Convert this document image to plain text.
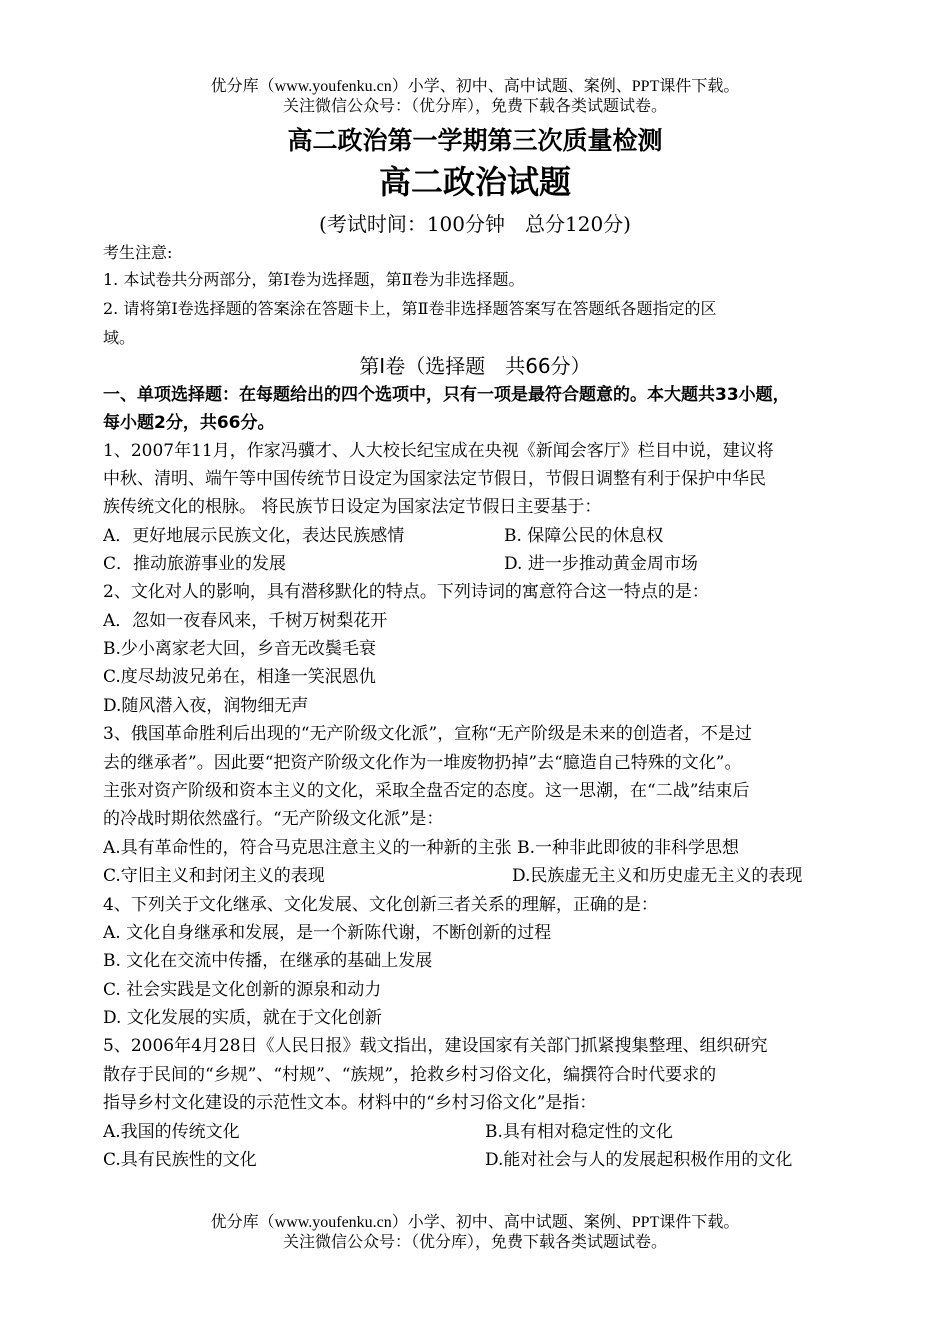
优分库（www.youfenku.cn）小学、初中、高中试题、案例、PPT课件下载。
关注微信公众号：（优分库），免费下载各类试题试卷。
高二政治第一学期第三次质量检测
高二政治试题
(考试时间：100分钟　总分120分)
考生注意:
1. 本试卷共分两部分，第Ⅰ卷为选择题，第Ⅱ卷为非选择题。
2. 请将第Ⅰ卷选择题的答案涂在答题卡上，第Ⅱ卷非选择题答案写在答题纸各题指定的区
域。
第Ⅰ卷（选择题　共66分）
一、单项选择题：在每题给出的四个选项中，只有一项是最符合题意的。本大题共33小题，
每小题2分，共66分。
1、2007年11月，作家冯骥才、人大校长纪宝成在央视《新闻会客厅》栏目中说，建议将
中秋、清明、端午等中国传统节日设定为国家法定节假日，节假日调整有利于保护中华民
族传统文化的根脉。 将民族节日设定为国家法定节假日主要基于：
A．更好地展示民族文化，表达民族感情	B. 保障公民的休息权
C．推动旅游事业的发展	D. 进一步推动黄金周市场
2、文化对人的影响，具有潜移默化的特点。下列诗词的寓意符合这一特点的是：
A．忽如一夜春风来，千树万树梨花开
B.少小离家老大回，乡音无改鬓毛衰
C.度尽劫波兄弟在，相逢一笑泯恩仇
D.随风潜入夜，润物细无声
3、俄国革命胜利后出现的“无产阶级文化派”，宣称“无产阶级是未来的创造者，不是过
去的继承者”。因此要“把资产阶级文化作为一堆废物扔掉”去“臆造自己特殊的文化”。
主张对资产阶级和资本主义的文化，采取全盘否定的态度。这一思潮，在“二战”结束后
的冷战时期依然盛行。“无产阶级文化派”是：
A.具有革命性的，符合马克思注意主义的一种新的主张 B.一种非此即彼的非科学思想
C.守旧主义和封闭主义的表现	D.民族虚无主义和历史虚无主义的表现
4、下列关于文化继承、文化发展、文化创新三者关系的理解，正确的是：
A. 文化自身继承和发展，是一个新陈代谢，不断创新的过程
B. 文化在交流中传播，在继承的基础上发展
C. 社会实践是文化创新的源泉和动力
D. 文化发展的实质，就在于文化创新
5、2006年4月28日《人民日报》载文指出，建设国家有关部门抓紧搜集整理、组织研究
散存于民间的“乡规”、“村规”、“族规”，抢救乡村习俗文化，编撰符合时代要求的
指导乡村文化建设的示范性文本。材料中的“乡村习俗文化”是指：
A.我国的传统文化	B.具有相对稳定性的文化
C.具有民族性的文化	D.能对社会与人的发展起积极作用的文化
优分库（www.youfenku.cn）小学、初中、高中试题、案例、PPT课件下载。
关注微信公众号：（优分库），免费下载各类试题试卷。
